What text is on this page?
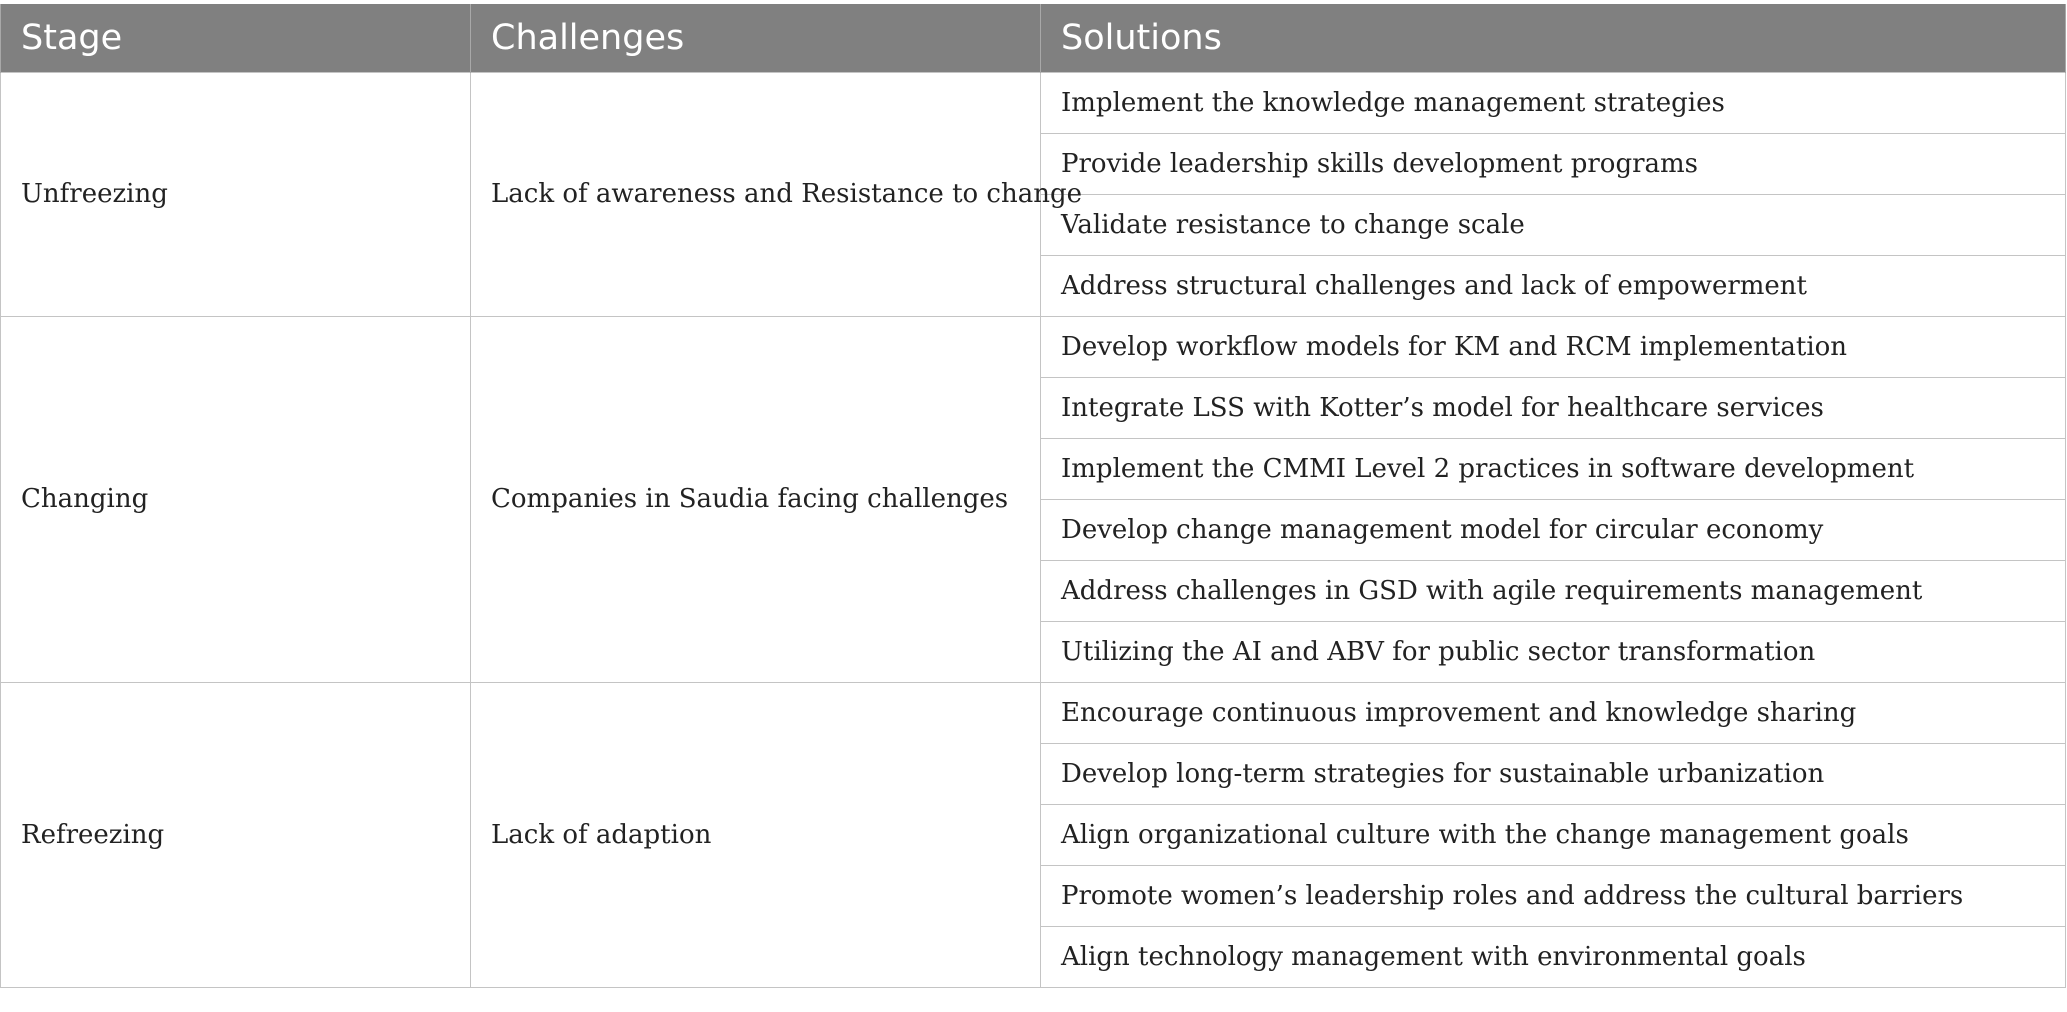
Stage	Challenges	Solutions
Unfreezing	Lack of awareness and Resistance to change	Implement the knowledge management strategies
		Provide leadership skills development programs
		Validate resistance to change scale
		Address structural challenges and lack of empowerment
Changing	Companies in Saudia facing challenges	Develop workflow models for KM and RCM implementation
		Integrate LSS with Kotter’s model for healthcare services
		Implement the CMMI Level 2 practices in software development
		Develop change management model for circular economy
		Address challenges in GSD with agile requirements management
		Utilizing the AI and ABV for public sector transformation
Refreezing	Lack of adaption	Encourage continuous improvement and knowledge sharing
		Develop long-term strategies for sustainable urbanization
		Align organizational culture with the change management goals
		Promote women’s leadership roles and address the cultural barriers
		Align technology management with environmental goals
